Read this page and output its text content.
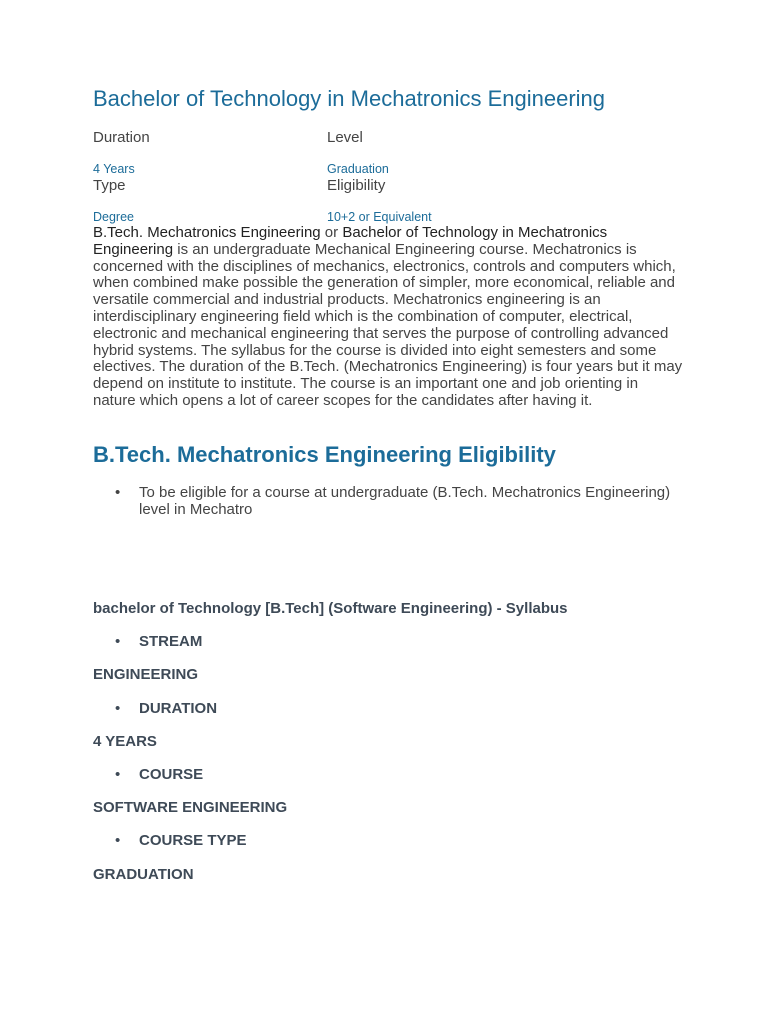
Bachelor of Technology in Mechatronics Engineering
Duration	Level
4 Years	Graduation
Type	Eligibility
Degree	10+2 or Equivalent

B.Tech. Mechatronics Engineering or Bachelor of Technology in Mechatronics Engineering is an undergraduate Mechanical Engineering course. Mechatronics is concerned with the disciplines of mechanics, electronics, controls and computers which, when combined make possible the generation of simpler, more economical, reliable and versatile commercial and industrial products. Mechatronics engineering is an interdisciplinary engineering field which is the combination of computer, electrical, electronic and mechanical engineering that serves the purpose of controlling advanced hybrid systems. The syllabus for the course is divided into eight semesters and some electives. The duration of the B.Tech. (Mechatronics Engineering) is four years but it may depend on institute to institute. The course is an important one and job orienting in nature which opens a lot of career scopes for the candidates after having it.

B.Tech. Mechatronics Engineering Eligibility
• To be eligible for a course at undergraduate (B.Tech. Mechatronics Engineering) level in Mechatro
bachelor of Technology [B.Tech] (Software Engineering) - Syllabus
• STREAM
ENGINEERING
• DURATION
4 YEARS
• COURSE
SOFTWARE ENGINEERING
• COURSE TYPE
GRADUATION
